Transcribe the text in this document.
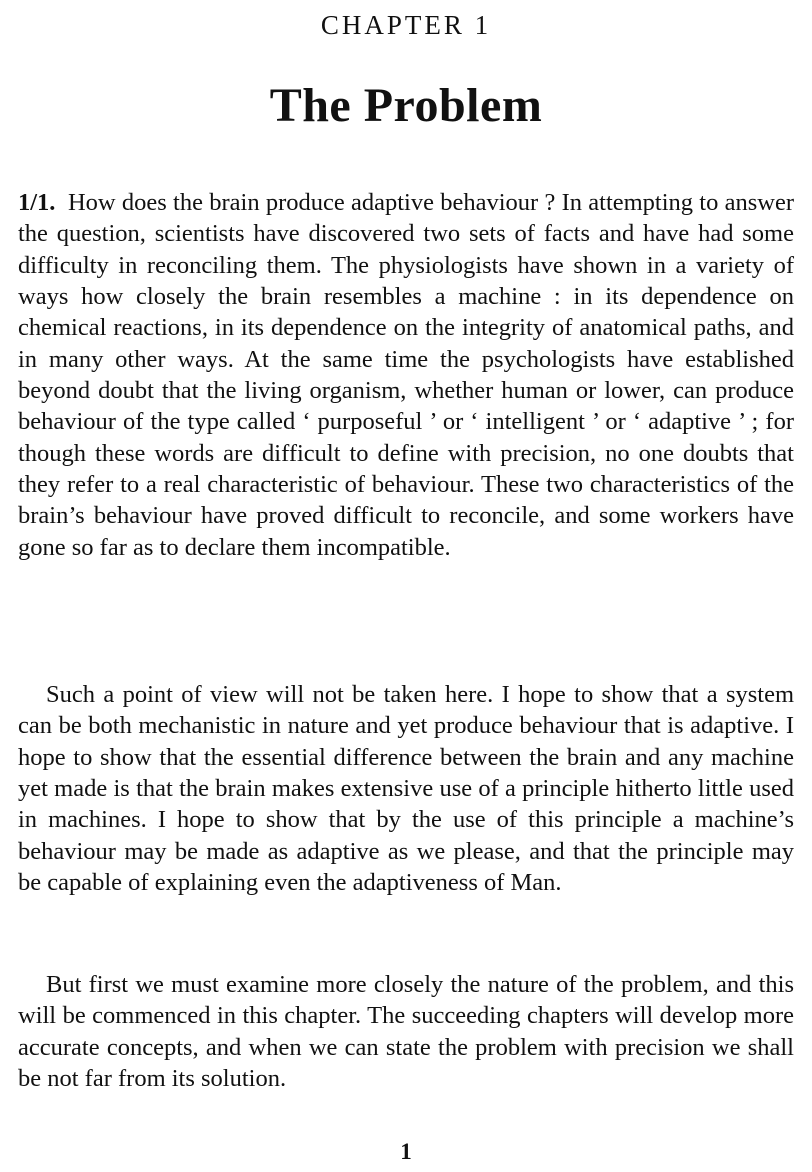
CHAPTER 1
The Problem

1/1. How does the brain produce adaptive behaviour ? In attempting to answer the question, scientists have discovered two sets of facts and have had some difficulty in reconciling them. The physiologists have shown in a variety of ways how closely the brain resembles a machine : in its dependence on chemical reactions, in its dependence on the integrity of anatomical paths, and in many other ways. At the same time the psychologists have established beyond doubt that the living organism, whether human or lower, can produce behaviour of the type called ‘ purposeful ’ or ‘ intelligent ’ or ‘ adaptive ’ ; for though these words are difficult to define with precision, no one doubts that they refer to a real characteristic of behaviour. These two characteristics of the brain’s behaviour have proved difficult to reconcile, and some workers have gone so far as to declare them incompatible.

Such a point of view will not be taken here. I hope to show that a system can be both mechanistic in nature and yet produce behaviour that is adaptive. I hope to show that the essential difference between the brain and any machine yet made is that the brain makes extensive use of a principle hitherto little used in machines. I hope to show that by the use of this principle a machine’s behaviour may be made as adaptive as we please, and that the principle may be capable of explaining even the adaptiveness of Man.

But first we must examine more closely the nature of the problem, and this will be commenced in this chapter. The succeeding chapters will develop more accurate concepts, and when we can state the problem with precision we shall be not far from its solution.

1
